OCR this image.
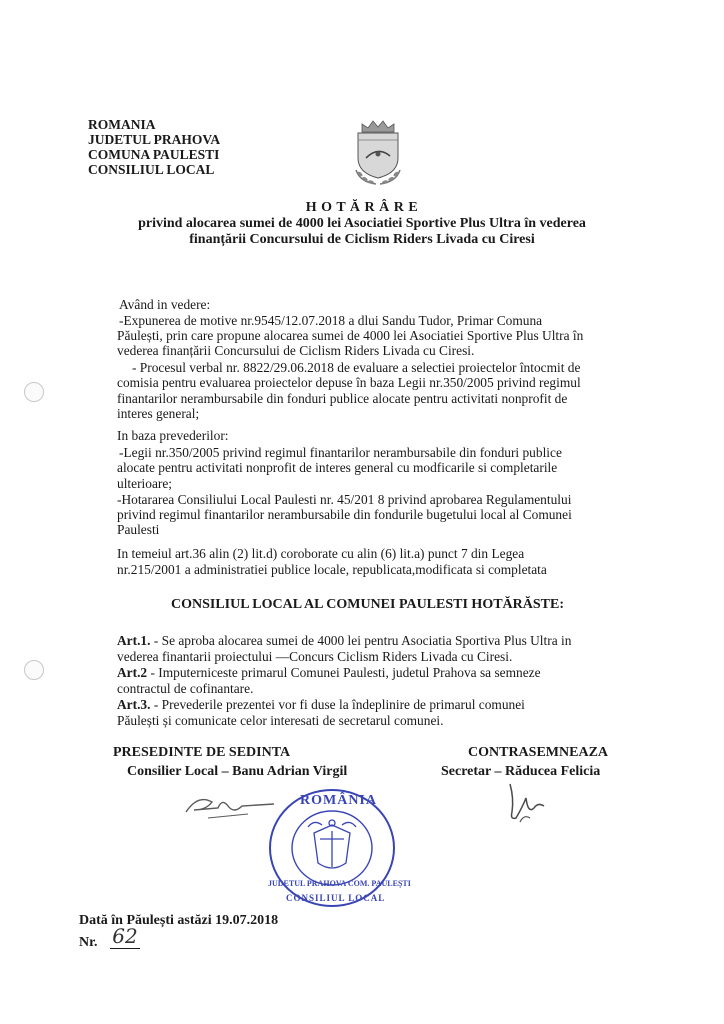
ROMANIA
JUDETUL PRAHOVA
COMUNA PAULESTI
CONSILIUL LOCAL
H O T Ă R Â R E
privind alocarea sumei de 4000 lei Asociatiei Sportive Plus Ultra în vederea
finanțării Concursului de Ciclism Riders Livada cu Ciresi
Având in vedere:
-Expunerea de motive nr.9545/12.07.2018 a dlui Sandu Tudor, Primar Comuna
Păulești, prin care propune alocarea sumei de 4000 lei Asociatiei Sportive Plus Ultra în
vederea finanțării Concursului de Ciclism Riders Livada cu Ciresi.
- Procesul verbal nr. 8822/29.06.2018 de evaluare a selectiei proiectelor întocmit de
comisia pentru evaluarea proiectelor depuse în baza Legii nr.350/2005 privind regimul
finantarilor nerambursabile din fonduri publice alocate pentru activitati nonprofit de
interes general;
In baza prevederilor:
-Legii nr.350/2005 privind regimul finantarilor nerambursabile din fonduri publice
alocate pentru activitati nonprofit de interes general cu modficarile si completarile
ulterioare;
-Hotararea Consiliului Local Paulesti nr. 45/201 8 privind aprobarea Regulamentului
privind regimul finantarilor nerambursabile din fondurile bugetului local al Comunei
Paulesti
In temeiul art.36 alin (2) lit.d) coroborate cu alin (6) lit.a) punct 7 din Legea
nr.215/2001 a administratiei publice locale, republicata,modificata si completata
CONSILIUL LOCAL AL COMUNEI PAULESTI HOTĂRĂSTE:
Art.1. - Se aproba alocarea sumei de 4000 lei pentru Asociatia Sportiva Plus Ultra in
vederea finantarii proiectului —Concurs Ciclism Riders Livada cu Ciresi.
Art.2 - Imputerniceste primarul Comunei Paulesti, judetul Prahova sa semneze
contractul de cofinantare.
Art.3. - Prevederile prezentei vor fi duse la îndeplinire de primarul comunei
Păulești și comunicate celor interesati de secretarul comunei.
PRESEDINTE DE SEDINTA
Consilier Local – Banu Adrian Virgil
CONTRASEMNEAZA
Secretar – Răducea Felicia
ROMÂNIA
JUDETUL PRAHOVA COM. PAULEȘTI
CONSILIUL LOCAL
Dată în Păulești astăzi 19.07.2018
Nr. 62
